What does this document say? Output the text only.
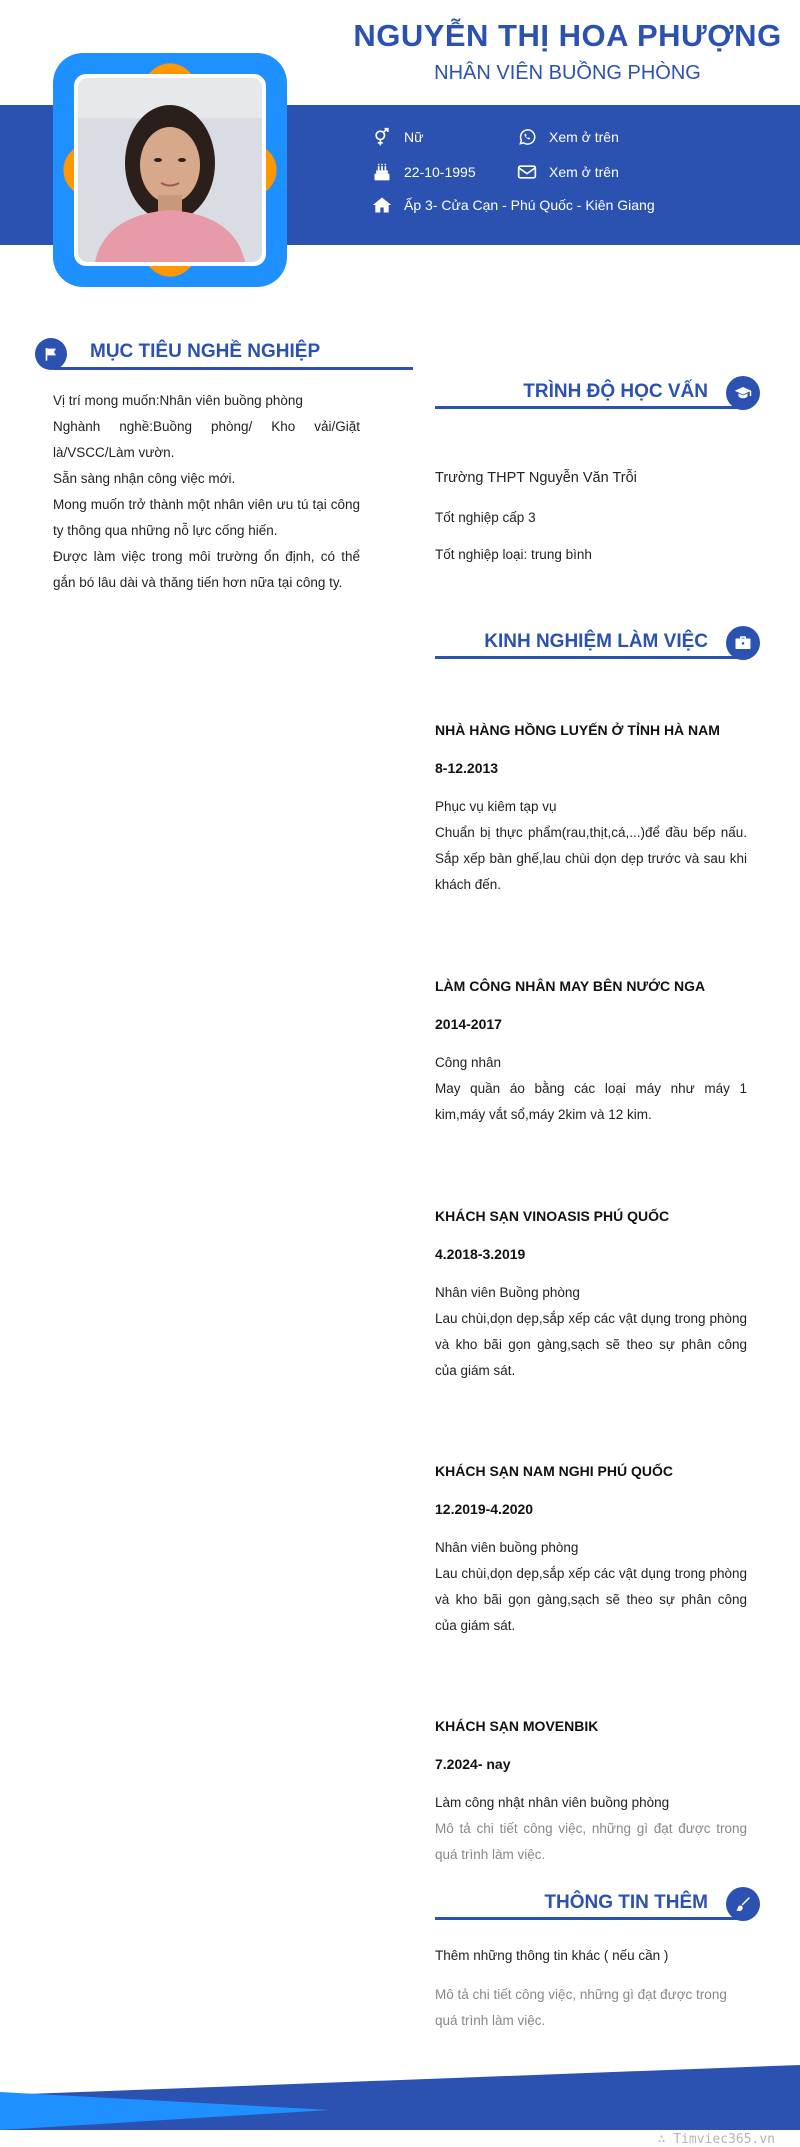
NGUYỄN THỊ HOA PHƯỢNG
NHÂN VIÊN BUỒNG PHÒNG
Nữ	Xem ở trên
22-10-1995	Xem ở trên
Ấp 3- Cửa Cạn - Phú Quốc - Kiên Giang
MỤC TIÊU NGHỀ NGHIỆP

Vị trí mong muốn:Nhân viên buồng phòng

Nghành nghề:Buồng phòng/ Kho vải/Giặt là/VSCC/Làm vườn.

Sẵn sàng nhận công việc mới.

Mong muốn trở thành một nhân viên ưu tú tại công ty thông qua những nỗ lực cống hiến.

Được làm việc trong môi trường ổn định, có thể gắn bó lâu dài và thăng tiến hơn nữa tại công ty.

TRÌNH ĐỘ HỌC VẤN
Trường THPT Nguyễn Văn Trỗi
Tốt nghiệp cấp 3
Tốt nghiệp loại: trung bình
KINH NGHIỆM LÀM VIỆC
NHÀ HÀNG HỒNG LUYẾN Ở TỈNH HÀ NAM
8-12.2013
Phục vụ kiêm tạp vụ
Chuẩn bị thực phẩm(rau,thịt,cá,...)để đầu bếp nấu. Sắp xếp bàn ghế,lau chùi dọn dẹp trước và sau khi khách đến.
LÀM CÔNG NHÂN MAY BÊN NƯỚC NGA
2014-2017
Công nhân
May quần áo bằng các loại máy như máy 1 kim,máy vắt sổ,máy 2kim và 12 kim.
KHÁCH SẠN VINOASIS PHÚ QUỐC
4.2018-3.2019
Nhân viên Buồng phòng
Lau chùi,dọn dẹp,sắp xếp các vật dụng trong phòng và kho bãi gọn gàng,sạch sẽ theo sự phân công của giám sát.
KHÁCH SẠN NAM NGHI PHÚ QUỐC
12.2019-4.2020
Nhân viên buồng phòng
Lau chùi,dọn dẹp,sắp xếp các vật dụng trong phòng và kho bãi gọn gàng,sạch sẽ theo sự phân công của giám sát.
KHÁCH SẠN MOVENBIK
7.2024- nay
Làm công nhật nhân viên buồng phòng
Mô tả chi tiết công việc, những gì đạt được trong quá trình làm việc.
THÔNG TIN THÊM
Thêm những thông tin khác ( nếu cần )
Mô tả chi tiết công việc, những gì đạt được trong quá trình làm việc.
∴ Timviec365.vn
